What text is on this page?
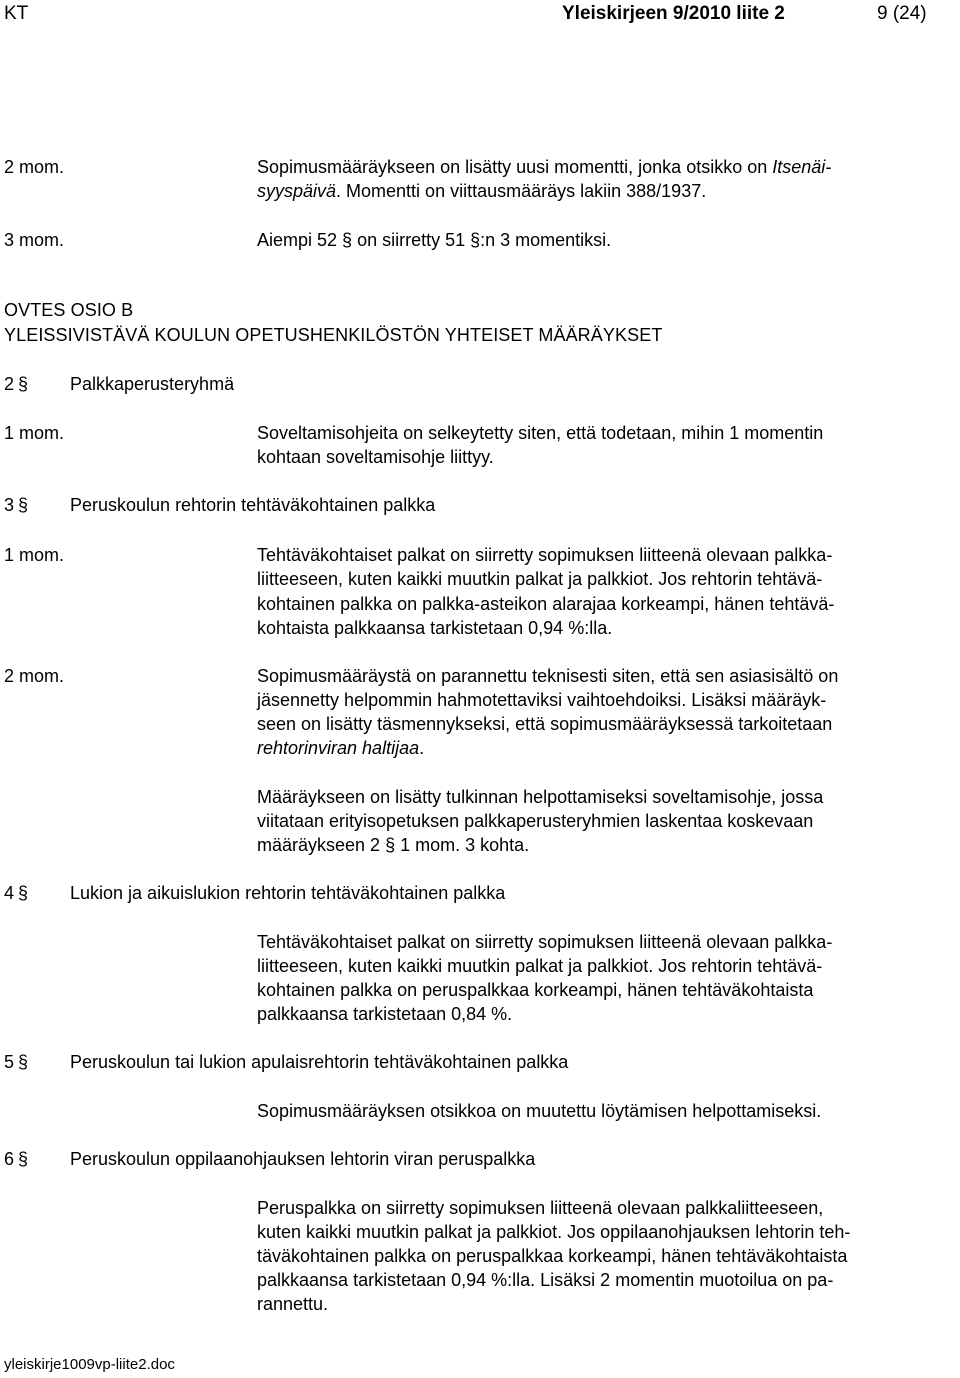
KT	Yleiskirjeen 9/2010 liite 2	9 (24)
2 mom.	Sopimusmääräykseen on lisätty uusi momentti, jonka otsikko on Itsenäi-
syyspäivä. Momentti on viittausmääräys lakiin 388/1937.
3 mom.	Aiempi 52 § on siirretty 51 §:n 3 momentiksi.
OVTES OSIO B
YLEISSIVISTÄVÄ KOULUN OPETUSHENKILÖSTÖN YHTEISET MÄÄRÄYKSET
2 § Palkkaperusteryhmä
1 mom.	Soveltamisohjeita on selkeytetty siten, että todetaan, mihin 1 momentin
kohtaan soveltamisohje liittyy.
3 § Peruskoulun rehtorin tehtäväkohtainen palkka
1 mom.	Tehtäväkohtaiset palkat on siirretty sopimuksen liitteenä olevaan palkka-
liitteeseen, kuten kaikki muutkin palkat ja palkkiot. Jos rehtorin tehtävä-
kohtainen palkka on palkka-asteikon alarajaa korkeampi, hänen tehtävä-
kohtaista palkkaansa tarkistetaan 0,94 %:lla.
2 mom.	Sopimusmääräystä on parannettu teknisesti siten, että sen asiasisältö on
jäsennetty helpommin hahmotettaviksi vaihtoehdoiksi. Lisäksi määräyk-
seen on lisätty täsmennykseksi, että sopimusmääräyksessä tarkoitetaan
rehtorinviran haltijaa.
Määräykseen on lisätty tulkinnan helpottamiseksi soveltamisohje, jossa
viitataan erityisopetuksen palkkaperusteryhmien laskentaa koskevaan
määräykseen 2 § 1 mom. 3 kohta.
4 § Lukion ja aikuislukion rehtorin tehtäväkohtainen palkka
Tehtäväkohtaiset palkat on siirretty sopimuksen liitteenä olevaan palkka-
liitteeseen, kuten kaikki muutkin palkat ja palkkiot. Jos rehtorin tehtävä-
kohtainen palkka on peruspalkkaa korkeampi, hänen tehtäväkohtaista
palkkaansa tarkistetaan 0,84 %.
5 § Peruskoulun tai lukion apulaisrehtorin tehtäväkohtainen palkka
Sopimusmääräyksen otsikkoa on muutettu löytämisen helpottamiseksi.
6 § Peruskoulun oppilaanohjauksen lehtorin viran peruspalkka
Peruspalkka on siirretty sopimuksen liitteenä olevaan palkkaliitteeseen,
kuten kaikki muutkin palkat ja palkkiot. Jos oppilaanohjauksen lehtorin teh-
täväkohtainen palkka on peruspalkkaa korkeampi, hänen tehtäväkohtaista
palkkaansa tarkistetaan 0,94 %:lla. Lisäksi 2 momentin muotoilua on pa-
rannettu.
yleiskirje1009vp-liite2.doc
